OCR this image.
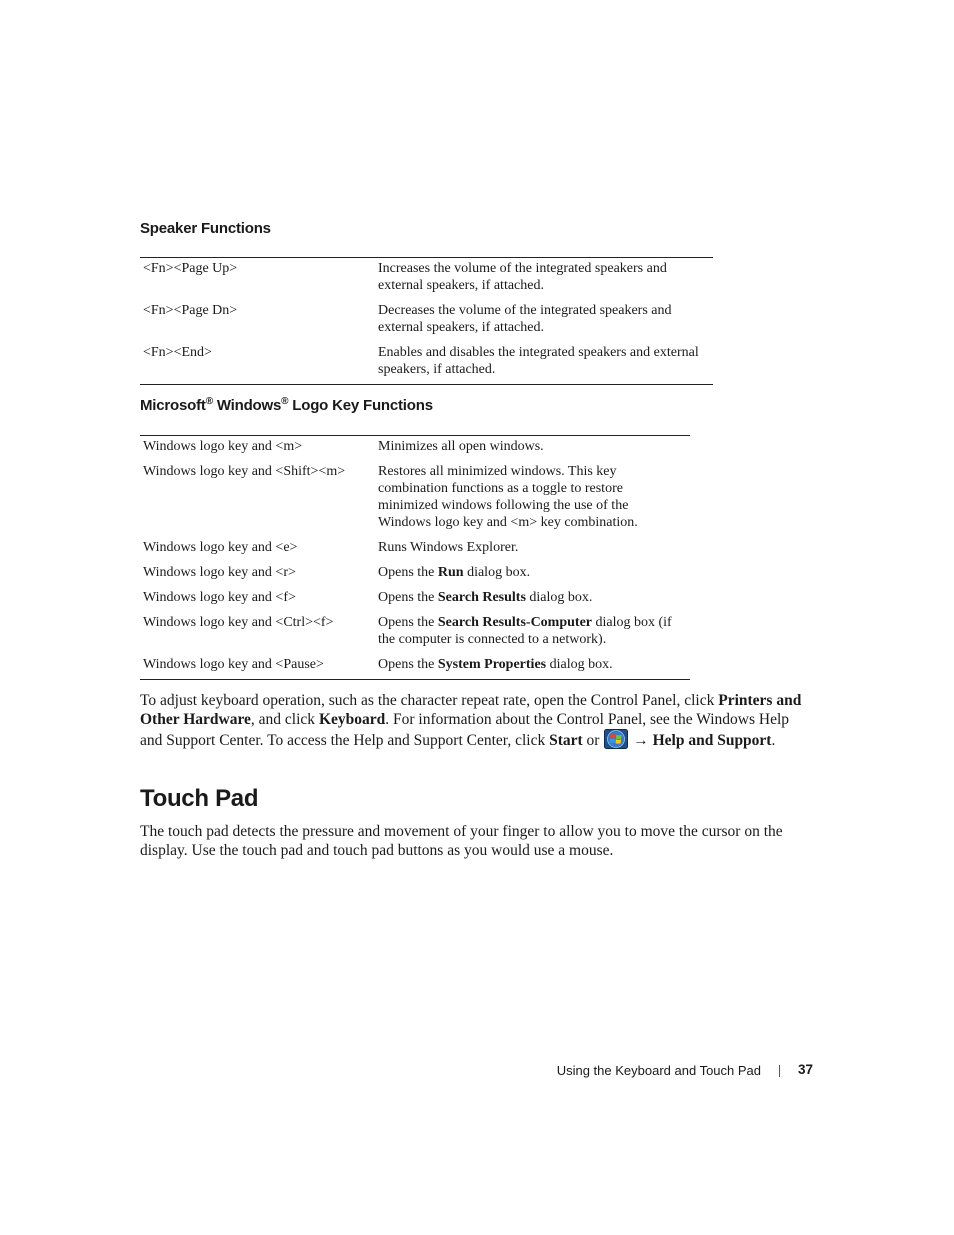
Speaker Functions
<Fn><Page Up>	Increases the volume of the integrated speakers and external speakers, if attached.
<Fn><Page Dn>	Decreases the volume of the integrated speakers and external speakers, if attached.
<Fn><End>	Enables and disables the integrated speakers and external speakers, if attached.
Microsoft® Windows® Logo Key Functions
Windows logo key and <m>	Minimizes all open windows.
Windows logo key and <Shift><m>	Restores all minimized windows. This key combination functions as a toggle to restore minimized windows following the use of the Windows logo key and <m> key combination.
Windows logo key and <e>	Runs Windows Explorer.
Windows logo key and <r>	Opens the Run dialog box.
Windows logo key and <f>	Opens the Search Results dialog box.
Windows logo key and <Ctrl><f>	Opens the Search Results-Computer dialog box (if the computer is connected to a network).
Windows logo key and <Pause>	Opens the System Properties dialog box.

To adjust keyboard operation, such as the character repeat rate, open the Control Panel, click Printers and Other Hardware, and click Keyboard. For information about the Control Panel, see the Windows Help and Support Center. To access the Help and Support Center, click Start or  → Help and Support.

Touch Pad

The touch pad detects the pressure and movement of your finger to allow you to move the cursor on the display. Use the touch pad and touch pad buttons as you would use a mouse.

Using the Keyboard and Touch Pad	37
